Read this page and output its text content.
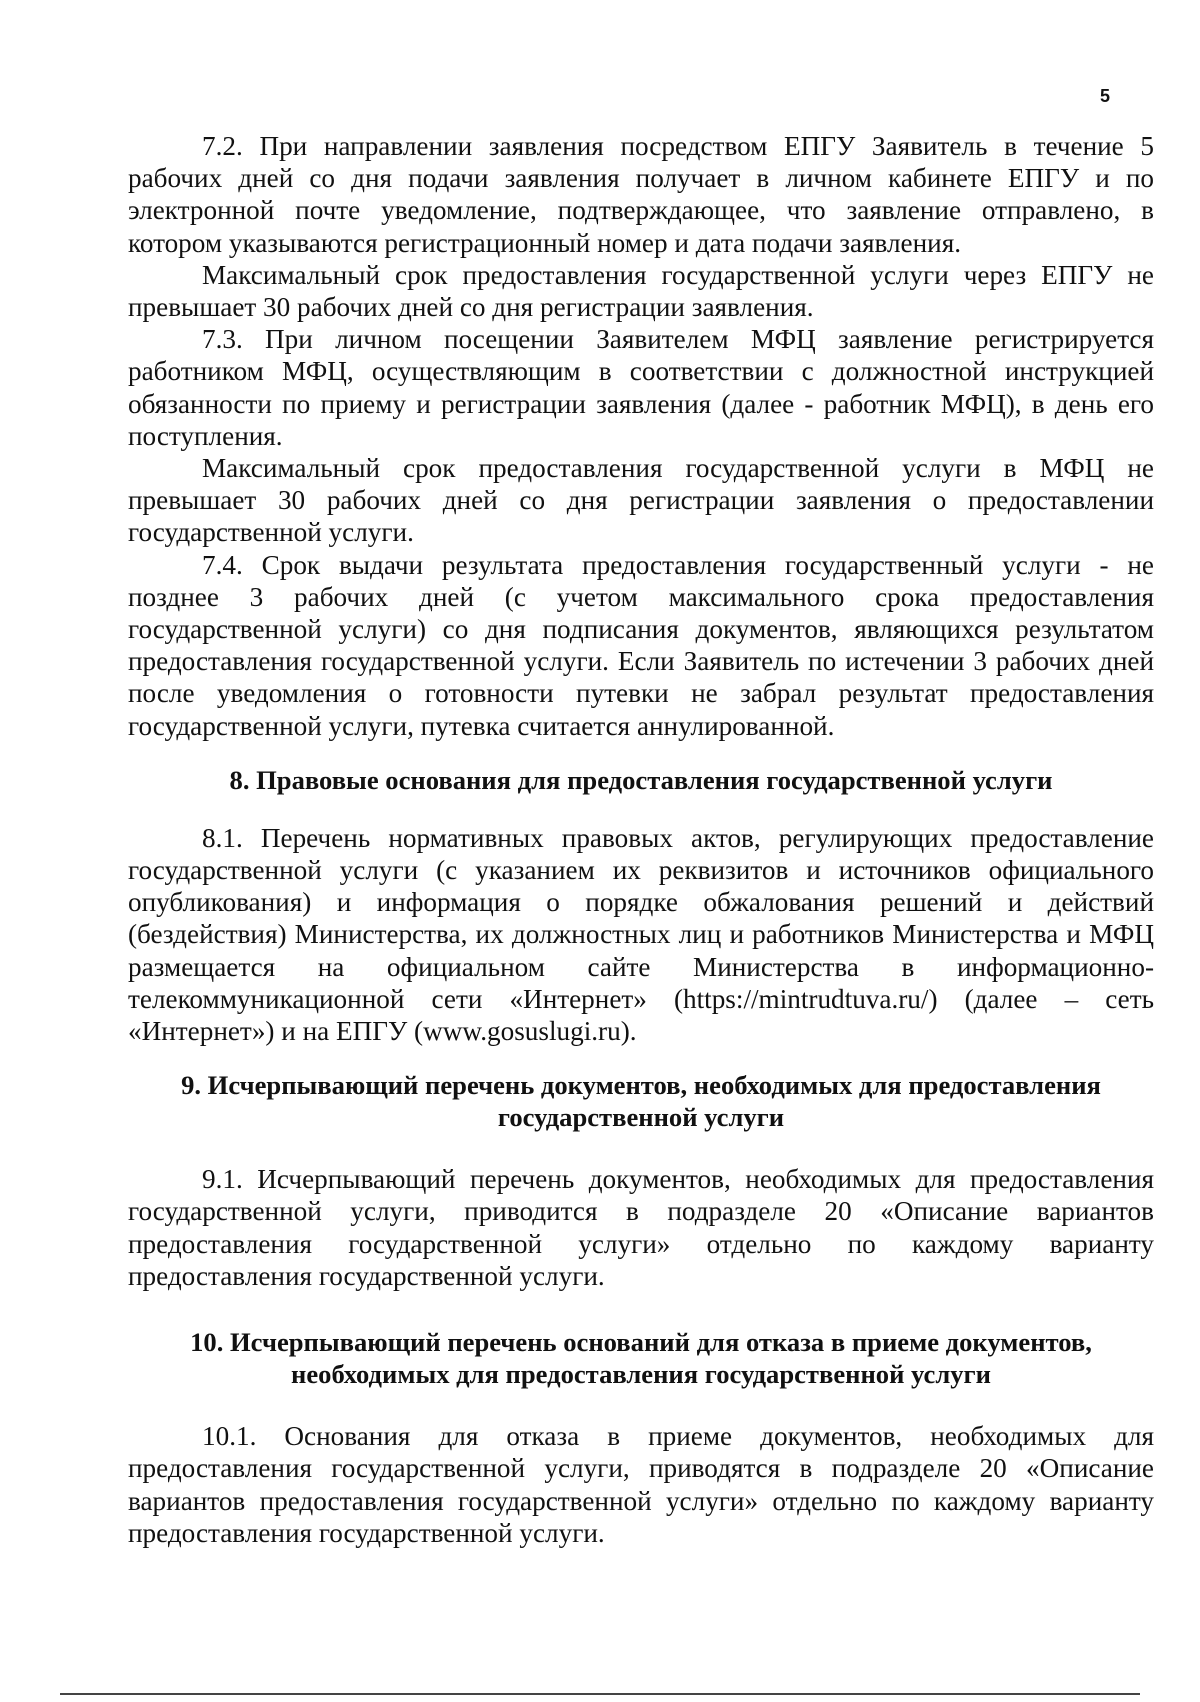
5

7.2. При направлении заявления посредством ЕПГУ Заявитель в течение 5 рабочих дней со дня подачи заявления получает в личном кабинете ЕПГУ и по электронной почте уведомление, подтверждающее, что заявление отправлено, в котором указываются регистрационный номер и дата подачи заявления.

Максимальный срок предоставления государственной услуги через ЕПГУ не превышает 30 рабочих дней со дня регистрации заявления.

7.3. При личном посещении Заявителем МФЦ заявление регистрируется работником МФЦ, осуществляющим в соответствии с должностной инструкцией обязанности по приему и регистрации заявления (далее - работник МФЦ), в день его поступления.

Максимальный срок предоставления государственной услуги в МФЦ не превышает 30 рабочих дней со дня регистрации заявления о предоставлении государственной услуги.

7.4. Срок выдачи результата предоставления государственный услуги - не позднее 3 рабочих дней (с учетом максимального срока предоставления государственной услуги) со дня подписания документов, являющихся результатом предоставления государственной услуги. Если Заявитель по истечении 3 рабочих дней после уведомления о готовности путевки не забрал результат предоставления государственной услуги, путевка считается аннулированной.

8. Правовые основания для предоставления государственной услуги

8.1. Перечень нормативных правовых актов, регулирующих предоставление государственной услуги (с указанием их реквизитов и источников официального опубликования) и информация о порядке обжалования решений и действий (бездействия) Министерства, их должностных лиц и работников Министерства и МФЦ размещается на официальном сайте Министерства в информационно-телекоммуникационной сети «Интернет» (https://mintrudtuva.ru/) (далее – сеть «Интернет») и на ЕПГУ (www.gosuslugi.ru).

9. Исчерпывающий перечень документов, необходимых для предоставления государственной услуги

9.1. Исчерпывающий перечень документов, необходимых для предоставления государственной услуги, приводится в подразделе 20 «Описание вариантов предоставления государственной услуги» отдельно по каждому варианту предоставления государственной услуги.

10. Исчерпывающий перечень оснований для отказа в приеме документов, необходимых для предоставления государственной услуги

10.1. Основания для отказа в приеме документов, необходимых для предоставления государственной услуги, приводятся в подразделе 20 «Описание вариантов предоставления государственной услуги» отдельно по каждому варианту предоставления государственной услуги.
